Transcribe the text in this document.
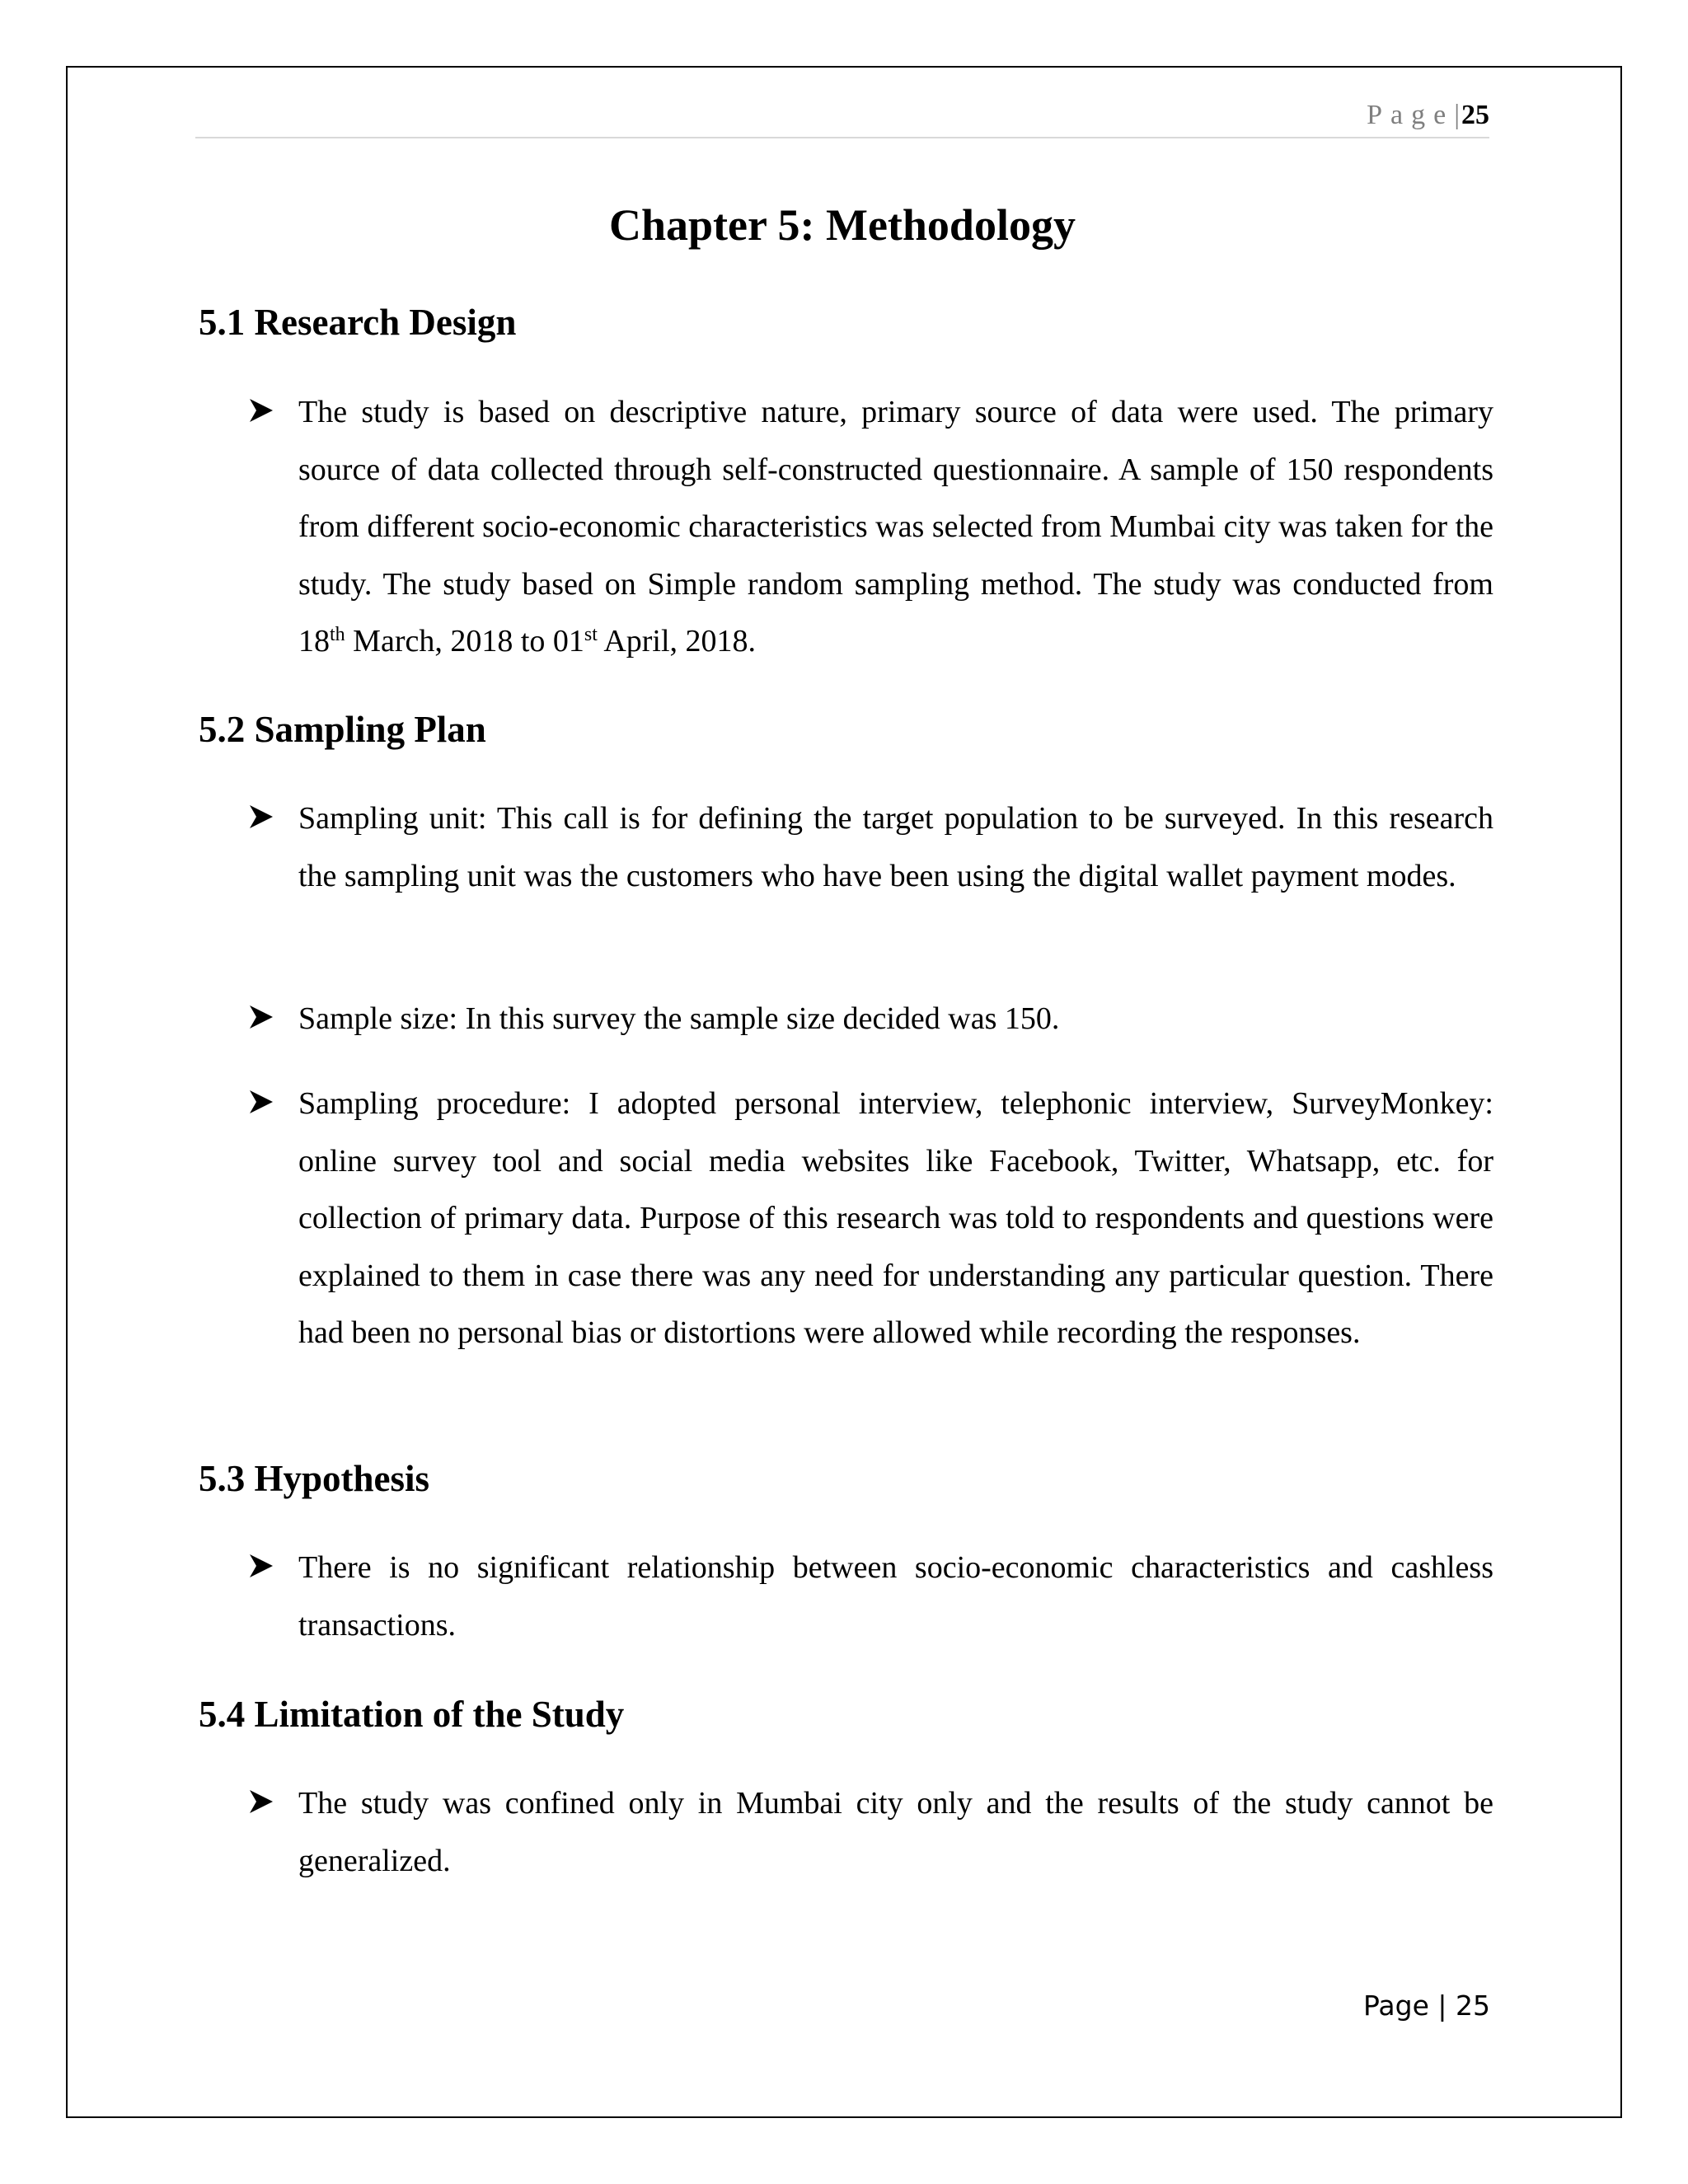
Page|25
Chapter 5: Methodology
5.1 Research Design
The study is based on descriptive nature, primary source of data were used. The primary source of data collected through self-constructed questionnaire. A sample of 150 respondents from different socio-economic characteristics was selected from Mumbai city was taken for the study. The study based on Simple random sampling method. The study was conducted from 18th March, 2018 to 01st April, 2018.
5.2 Sampling Plan
Sampling unit: This call is for defining the target population to be surveyed. In this research the sampling unit was the customers who have been using the digital wallet payment modes.
Sample size: In this survey the sample size decided was 150.
Sampling procedure: I adopted personal interview, telephonic interview, SurveyMonkey: online survey tool and social media websites like Facebook, Twitter, Whatsapp, etc. for collection of primary data. Purpose of this research was told to respondents and questions were explained to them in case there was any need for understanding any particular question. There had been no personal bias or distortions were allowed while recording the responses.
5.3 Hypothesis
There is no significant relationship between socio-economic characteristics and cashless transactions.
5.4 Limitation of the Study
The study was confined only in Mumbai city only and the results of the study cannot be generalized.
Page | 25
